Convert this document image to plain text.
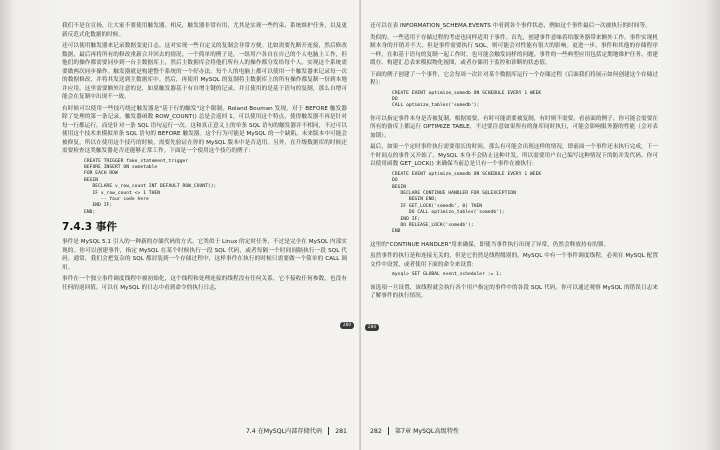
我们不是在宣扬，让大家不要使用触发器。相反，触发器非常有用，尤其是实现一些约束、系统维护任务，以及更新反范式化数据的时候。

还可以使用触发器来记录数据变更日志。这对实现一些自定义的复制会非常方便。比如需要先断开连接，然后修改数据，最后再将所有的修改重新合并回去的情况。一个简单的例子是，一组用户各自在自己的个人电脑上工作，但他们的操作都需要同步到一台主数据库上，然后主数据库会将他们所有人的操作都分发给每个人。实现这个系统需要做两次同步操作。触发器就是构建整个系统的一个好办法。每个人的电脑上都可以使用一个触发器来记录每一次的数据修改，并将其发送到主数据库中。然后，再使用 MySQL 的复制将主数据库上的所有操作都复制一份到本地并应用。这里需要额外注意的是，如果触发器基于有自增主键的记录，并且使用的是基于语句的复制，那么自增可能会在复制中出现不一致。

有时候可以使用一些技巧绕过触发器是"基于行的触发"这个限制。Roland Bouman 发现，对于 BEFORE 触发器除了处理的第一条记录，触发器函数 ROW_COUNT() 总是会返回 1，可以使用这个特点，使得触发器不再是针对每一行都运行，而是针对一条 SQL 语句运行一次。这和真正意义上的单条 SQL 语句的触发器并不相同，不过可以使用这个技术来模拟单条 SQL 语句的 BEFORE 触发器。这个行为可能是 MySQL 的一个缺陷，未来版本中可能会被修复，所以在使用这个技巧的时候，需要先验证在你的 MySQL 版本中是否适用。另外，在升级数据库的时候还需要检查这类触发器是否还能够正常工作。下面是一个使用这个技巧的例子：

CREATE TRIGGER fake_statement_trigger
BEFORE INSERT ON sometable
FOR EACH ROW
BEGIN
DECLARE v_row_count INT DEFAULT ROW_COUNT();
IF v_row_count <> 1 THEN
-- Your code here
END IF;
END;
7.4.3 事件

事件是 MySQL 5.1 引入的一种新的存储代码的方式。它类似于 Linux 的定时任务，不过是完全在 MySQL 内部实现的。你可以创建事件，指定 MySQL 在某个时候执行一段 SQL 代码，或者每隔一个时间间隔执行一段 SQL 代码。通常，我们会把复杂的 SQL 都封装到一个存储过程中，这样事件在执行的时候只需要做一个简单的 CALL 调用。

事件在一个独立事件调度线程中被初始化，这个线程和处理连接的线程没有任何关系。它不接收任何参数，也没有任何的返回值。可以在 MySQL 的日志中看到命令的执行日志，

280
7.4 在MySQL内部存储代码 281

还可以在表 INFORMATION_SCHEMA.EVENTS 中看到各个事件状态，例如这个事件最后一次被执行的时间等。

类似的，一些适用于存储过程的考虑也同样适用于事件。首先，创建事件意味着给服务器带来额外工作。事件实现机制本身的开销并不大，但是事件需要执行 SQL，则可能会对性能有很大的影响。更进一步，事件和其他的存储程序一样，在和基于语句的复制一起工作时，也可能会触发同样的问题。事件的一些典型应用包括定期地维护任务、重建缓存、构建汇总表来模拟物化视图，或者存储用于监控和诊断的状态值。

下面的例子创建了一个事件，它会每周一次针对某个数据库运行一个存储过程（后面我们将展示如何创建这个存储过程）：

CREATE EVENT optimize_somedb ON SCHEDULE EVERY 1 WEEK
DO
CALL optimize_tables('somedb');

你可以指定事件本身是否被复制。根据需要，有时可能需要被复制，有时则不需要。看前面的例子，你可能会需要在所有的备库上都运行 OPTIMIZE TABLE，不过要注意如果所有的备库同时执行，可能会影响服务器的性能（会对表加锁）。

最后，如果一个定时事件执行需要很长的时间，那么有可能会出现这样的情况，即前面一个事件还未执行完成，下一个时间点的事件又开始了。MySQL 本身不会防止这种并发，所以需要用户自己编写这种情况下的防并发代码。你可以使用函数 GET_LOCK() 来确保当前总是只有一个事件在被执行：

CREATE EVENT optimize_somedb ON SCHEDULE EVERY 1 WEEK
DO
BEGIN
DECLARE CONTINUE HANDLER FOR SQLEXCEPTION
BEGIN END;
IF GET_LOCK('somedb', 0) THEN
DO CALL optimize_tables('somedb');
END IF;
DO RELEASE_LOCK('somedb');
END

这里的"CONTINUE HANDLER"用来确保，即使当事件执行出现了异常，仍然会释放持有的锁。

虽然事件的执行是和连接无关的，但是它仍然是线程级别的。MySQL 中有一个事件调度线程，必须在 MySQL 配置文件中设置，或者使用下面的命令来设置：

mysql> SET GLOBAL event_scheduler := 1;

该选项一旦设置，该线程就会执行各个用户指定的事件中的各段 SQL 代码。你可以通过观察 MySQL 的错误日志来了解事件的执行情况。

280
282 第7章 MySQL高级特性
